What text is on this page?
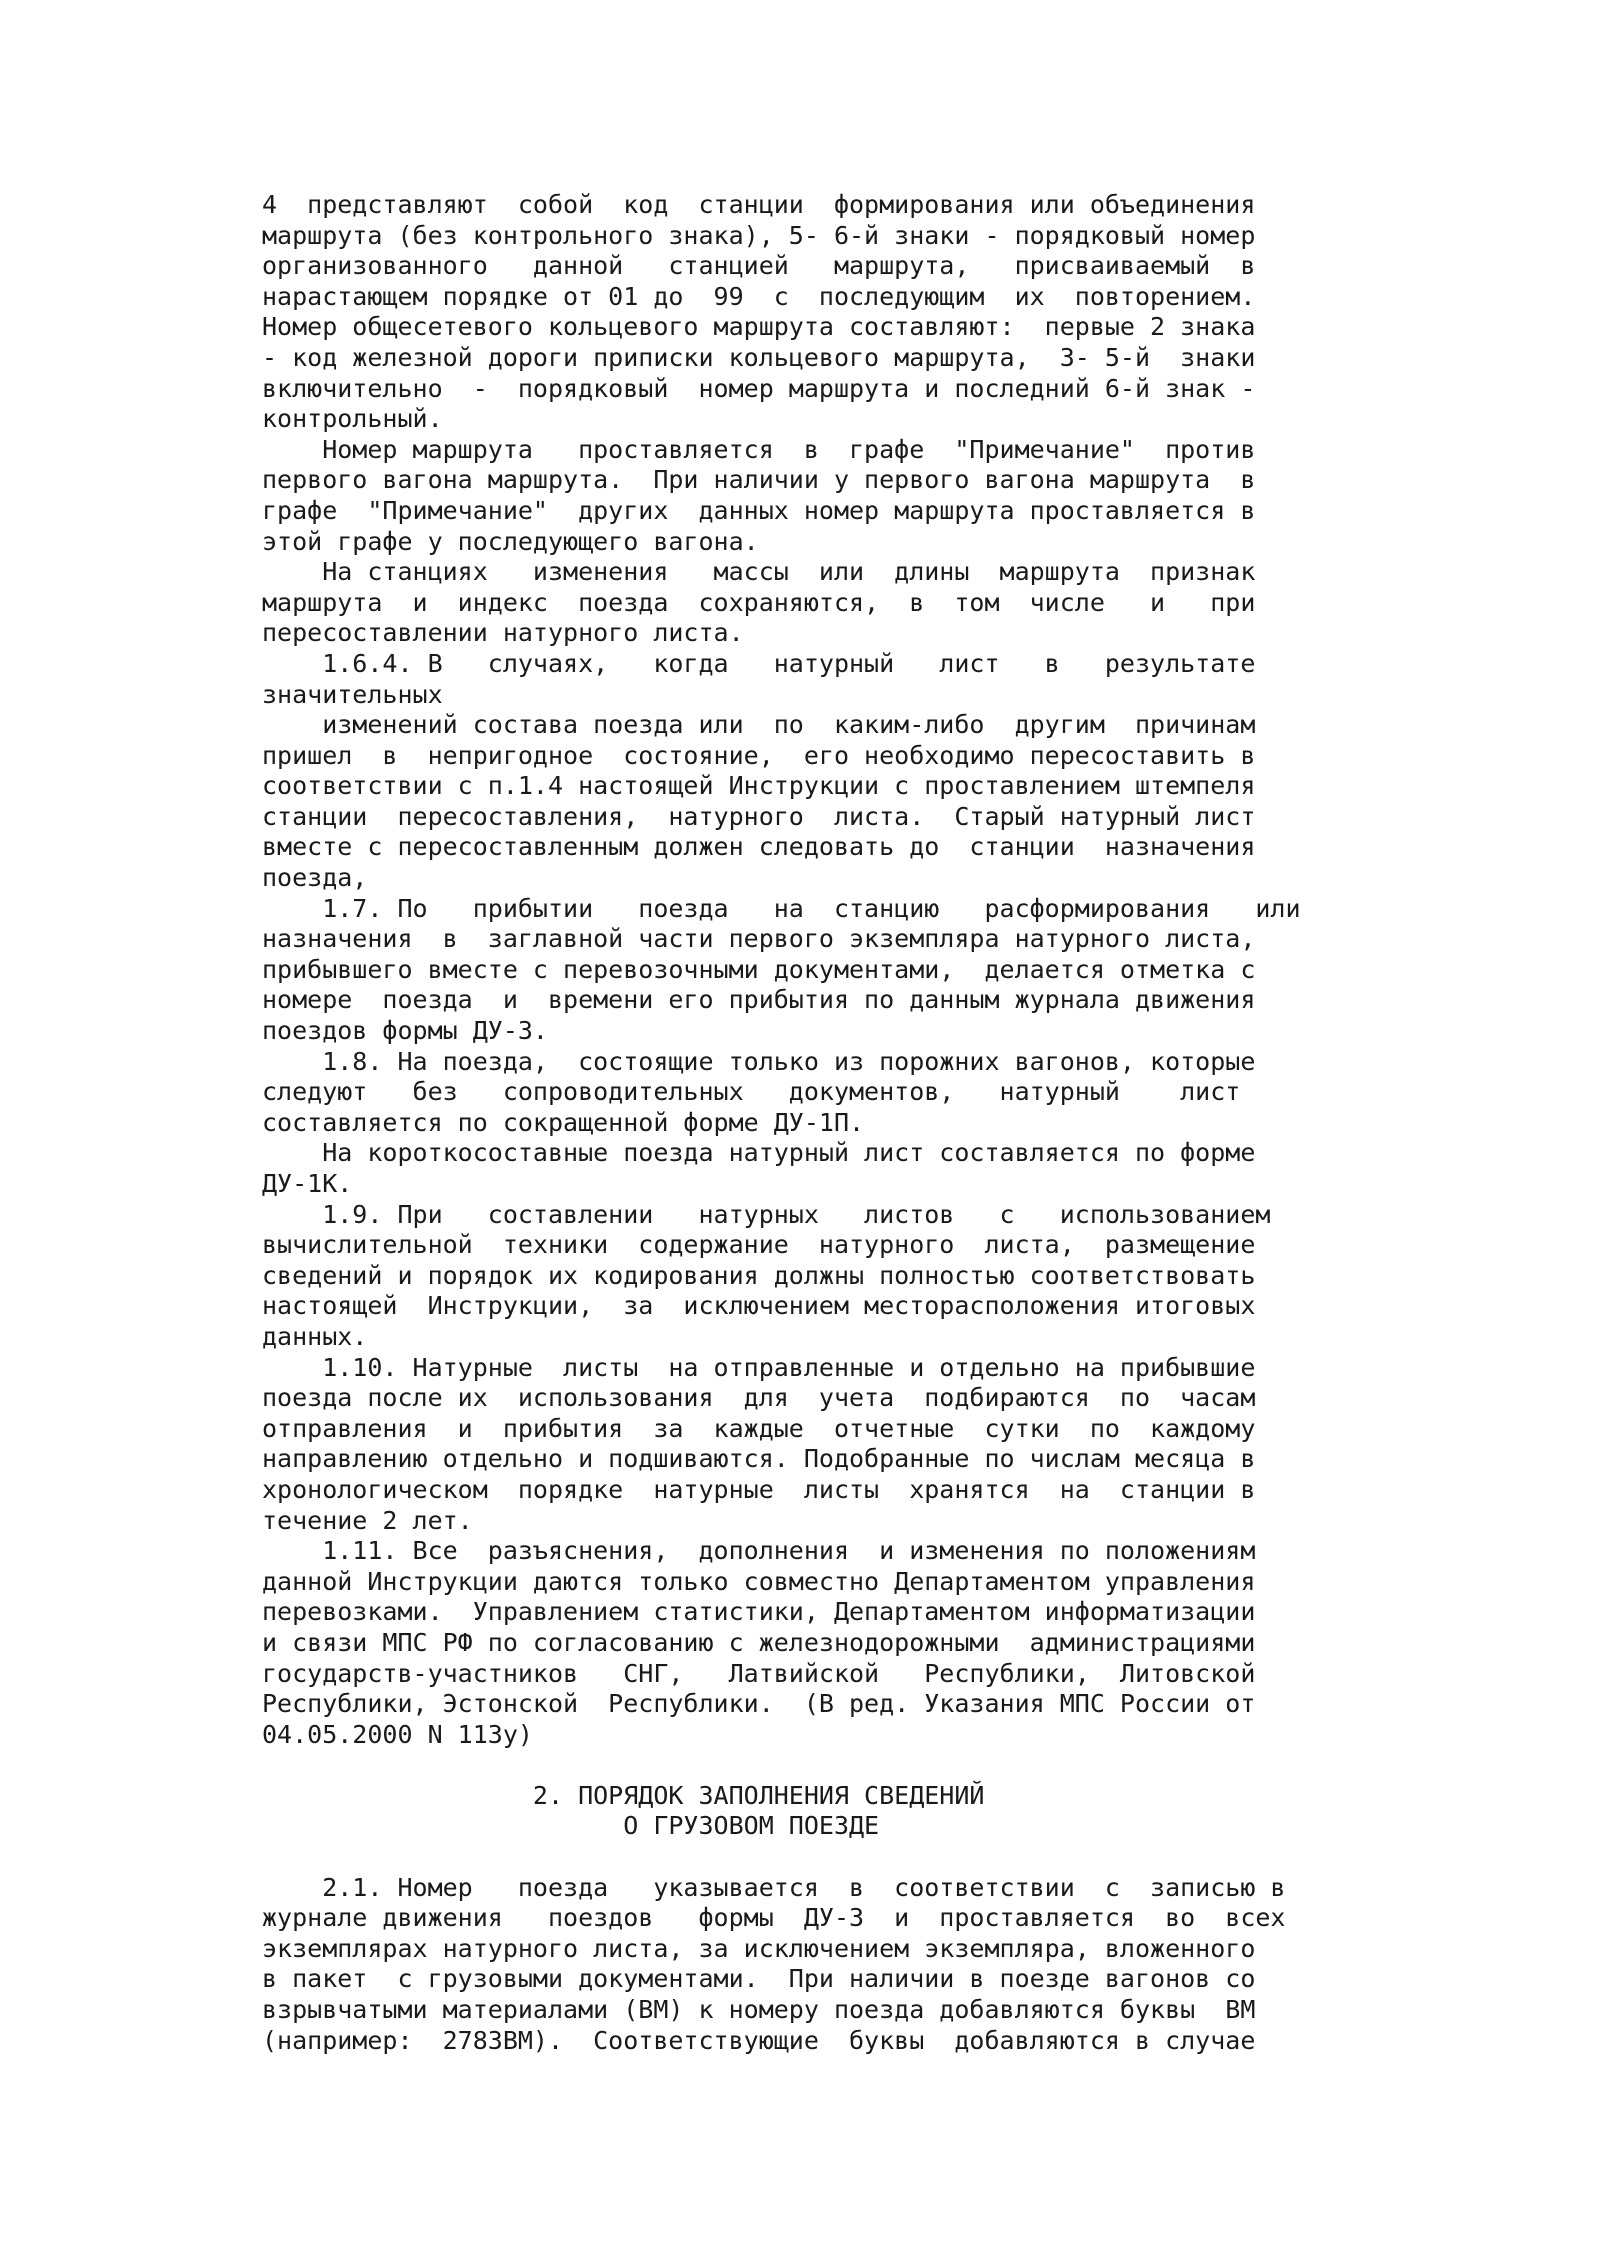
4  представляют  собой  код  станции  формирования или объединения
маршрута (без контрольного знака), 5- 6-й знаки - порядковый номер
организованного   данной   станцией   маршрута,   присваиваемый  в
нарастающем порядке от 01 до  99  с  последующим  их  повторением.
Номер общесетевого кольцевого маршрута составляют:  первые 2 знака
- код железной дороги приписки кольцевого маршрута,  3- 5-й  знаки
включительно  -  порядковый  номер маршрута и последний 6-й знак -
контрольный.
Номер маршрута   проставляется  в  графе  "Примечание"  против
первого вагона маршрута.  При наличии у первого вагона маршрута  в
графе  "Примечание"  других  данных номер маршрута проставляется в
этой графе у последующего вагона.
На станциях   изменения   массы  или  длины  маршрута  признак
маршрута  и  индекс  поезда  сохраняются,  в  том  числе   и   при
пересоставлении натурного листа.
1.6.4. В   случаях,   когда   натурный   лист   в   результате
значительных
изменений состава поезда или  по  каким-либо  другим  причинам
пришел  в  непригодное  состояние,  его необходимо пересоставить в
соответствии с п.1.4 настоящей Инструкции с проставлением штемпеля
станции  пересоставления,  натурного  листа.  Старый натурный лист
вместе с пересоставленным должен следовать до  станции  назначения
поезда,
1.7. По   прибытии   поезда   на  станцию   расформирования   или
назначения  в  заглавной части первого экземпляра натурного листа,
прибывшего вместе с перевозочными документами,  делается отметка с
номере  поезда  и  времени его прибытия по данным журнала движения
поездов формы ДУ-3.
1.8. На поезда,  состоящие только из порожних вагонов, которые
следуют   без   сопроводительных   документов,   натурный    лист
составляется по сокращенной форме ДУ-1П.
На короткосоставные поезда натурный лист составляется по форме
ДУ-1К.
1.9. При   составлении   натурных   листов   с   использованием
вычислительной  техники  содержание  натурного  листа,  размещение
сведений и порядок их кодирования должны полностью соответствовать
настоящей  Инструкции,  за  исключением месторасположения итоговых
данных.
1.10. Натурные  листы  на отправленные и отдельно на прибывшие
поезда после их  использования  для  учета  подбираются  по  часам
отправления  и  прибытия  за  каждые  отчетные  сутки  по  каждому
направлению отдельно и подшиваются. Подобранные по числам месяца в
хронологическом  порядке  натурные  листы  хранятся  на  станции в
течение 2 лет.
1.11. Все  разъяснения,  дополнения  и изменения по положениям
данной Инструкции даются только совместно Департаментом управления
перевозками.  Управлением статистики, Департаментом информатизации
и связи МПС РФ по согласованию с железнодорожными  администрациями
государств-участников   СНГ,   Латвийской   Республики,  Литовской
Республики, Эстонской  Республики.  (В ред. Указания МПС России от
04.05.2000 N 113у)
2. ПОРЯДОК ЗАПОЛНЕНИЯ СВЕДЕНИЙ
О ГРУЗОВОМ ПОЕЗДЕ
2.1. Номер   поезда   указывается  в  соответствии  с  записью в
журнале движения   поездов   формы  ДУ-3  и  проставляется  во  всех
экземплярах натурного листа, за исключением экземпляра, вложенного
в пакет  с грузовыми документами.  При наличии в поезде вагонов со
взрывчатыми материалами (ВМ) к номеру поезда добавляются буквы  ВМ
(например:  2783ВМ).  Соответствующие  буквы  добавляются в случае
